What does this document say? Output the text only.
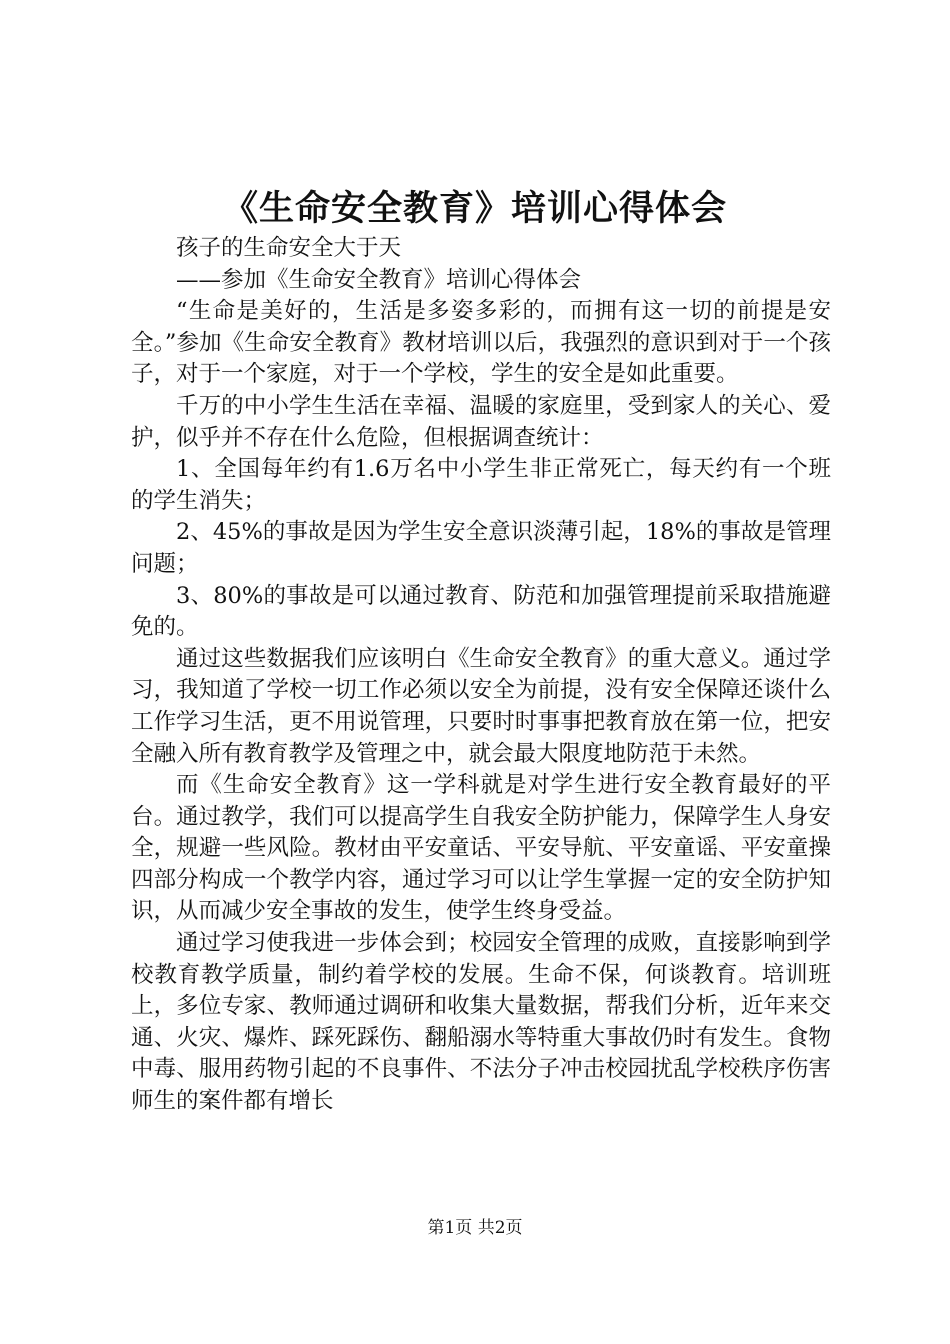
《生命安全教育》培训心得体会

孩子的生命安全大于天

——参加《生命安全教育》培训心得体会

“生命是美好的，生活是多姿多彩的，而拥有这一切的前提是安全。”参加《生命安全教育》教材培训以后，我强烈的意识到对于一个孩子，对于一个家庭，对于一个学校，学生的安全是如此重要。

千万的中小学生生活在幸福、温暖的家庭里，受到家人的关心、爱护，似乎并不存在什么危险，但根据调查统计：

1、全国每年约有1.6万名中小学生非正常死亡，每天约有一个班的学生消失；

2、45%的事故是因为学生安全意识淡薄引起，18%的事故是管理问题；

3、80%的事故是可以通过教育、防范和加强管理提前采取措施避免的。

通过这些数据我们应该明白《生命安全教育》的重大意义。通过学习，我知道了学校一切工作必须以安全为前提，没有安全保障还谈什么工作学习生活，更不用说管理，只要时时事事把教育放在第一位，把安全融入所有教育教学及管理之中，就会最大限度地防范于未然。

而《生命安全教育》这一学科就是对学生进行安全教育最好的平台。通过教学，我们可以提高学生自我安全防护能力，保障学生人身安全，规避一些风险。教材由平安童话、平安导航、平安童谣、平安童操四部分构成一个教学内容，通过学习可以让学生掌握一定的安全防护知识，从而减少安全事故的发生，使学生终身受益。

通过学习使我进一步体会到；校园安全管理的成败，直接影响到学校教育教学质量，制约着学校的发展。生命不保，何谈教育。培训班上，多位专家、教师通过调研和收集大量数据，帮我们分析，近年来交通、火灾、爆炸、踩死踩伤、翻船溺水等特重大事故仍时有发生。食物中毒、服用药物引起的不良事件、不法分子冲击校园扰乱学校秩序伤害师生的案件都有增长

第1页 共2页
